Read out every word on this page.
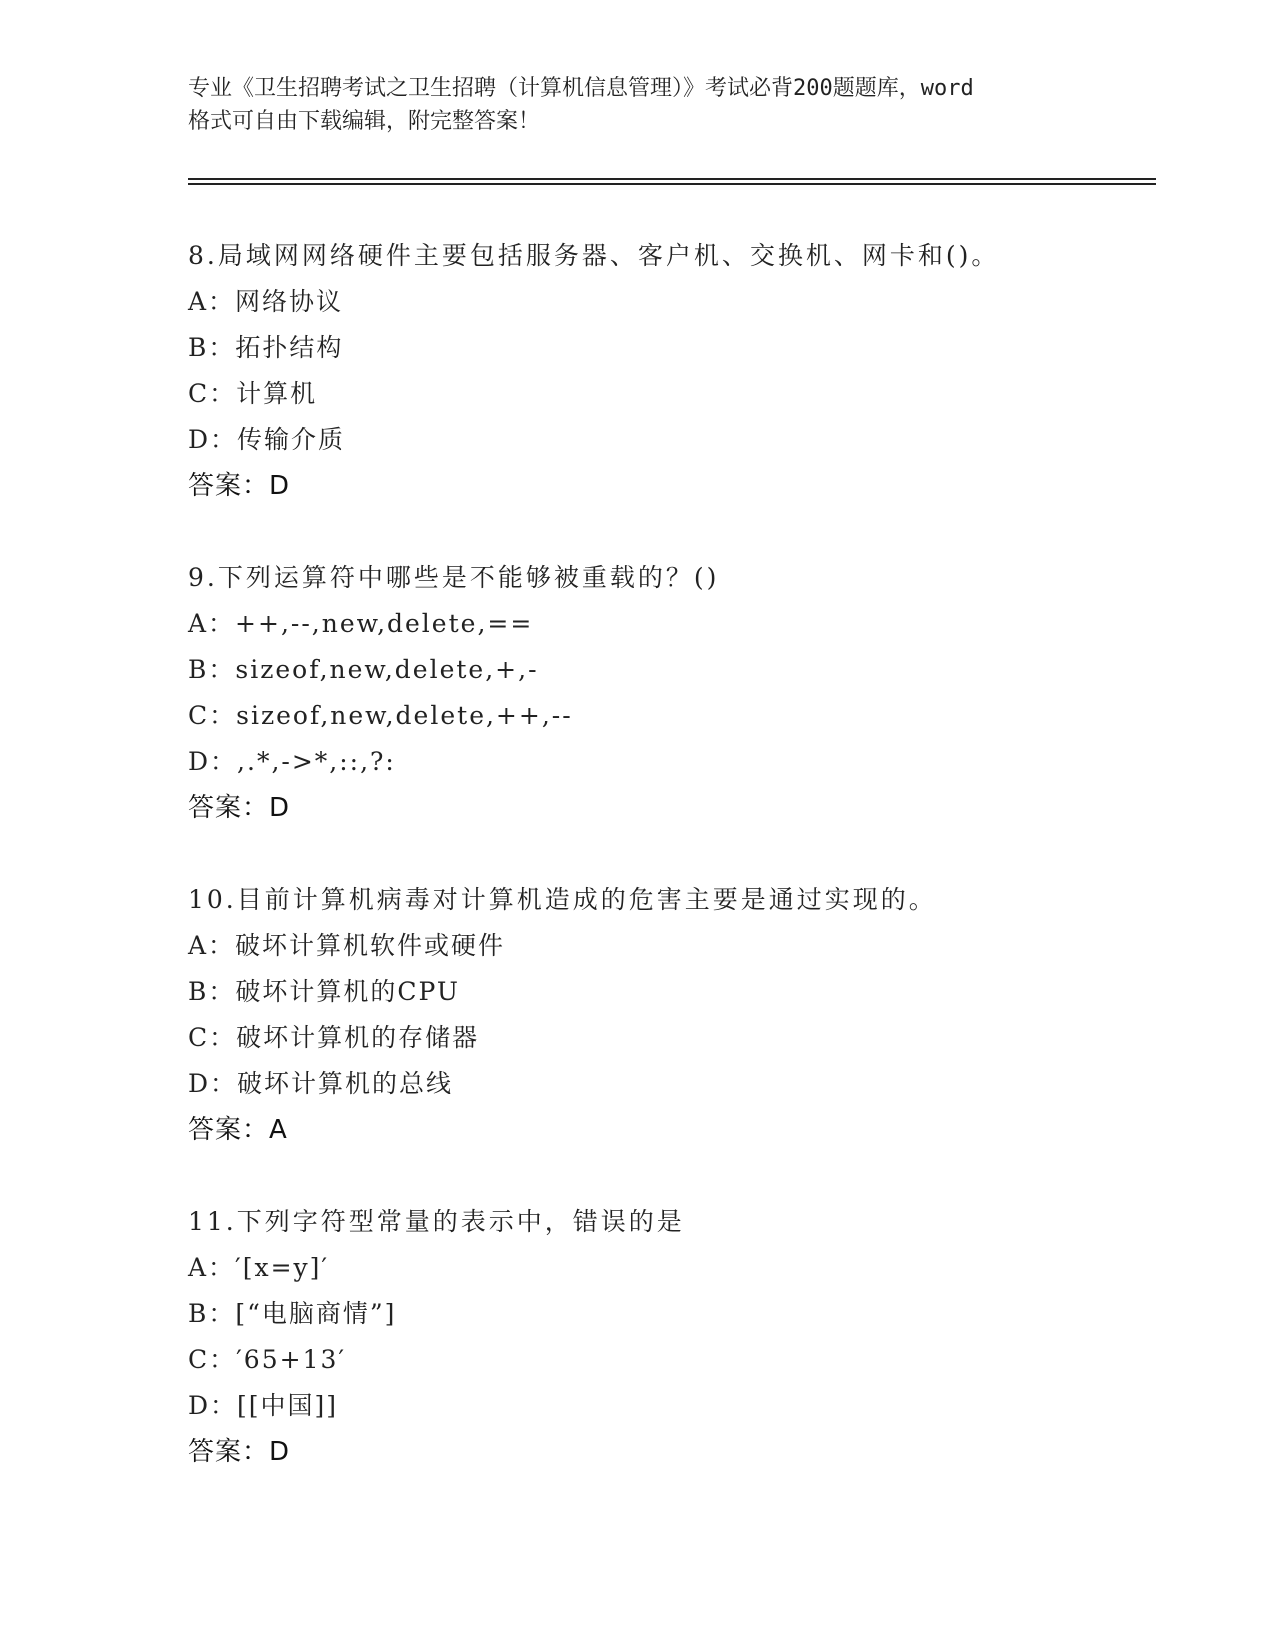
专业《卫生招聘考试之卫生招聘（计算机信息管理）》考试必背200题题库，word
格式可自由下载编辑，附完整答案！
8.局域网网络硬件主要包括服务器、客户机、交换机、网卡和()。
A：网络协议
B：拓扑结构
C：计算机
D：传输介质
答案：D
9.下列运算符中哪些是不能够被重载的？()
A：++,--,new,delete,==
B：sizeof,new,delete,+,-
C：sizeof,new,delete,++,--
D：,.*,->*,::,?:
答案：D
10.目前计算机病毒对计算机造成的危害主要是通过实现的。
A：破坏计算机软件或硬件
B：破坏计算机的CPU
C：破坏计算机的存储器
D：破坏计算机的总线
答案：A
11.下列字符型常量的表示中，错误的是
A：′[x=y]′
B：[“电脑商情”]
C：′65+13′
D：[[中国]]
答案：D
